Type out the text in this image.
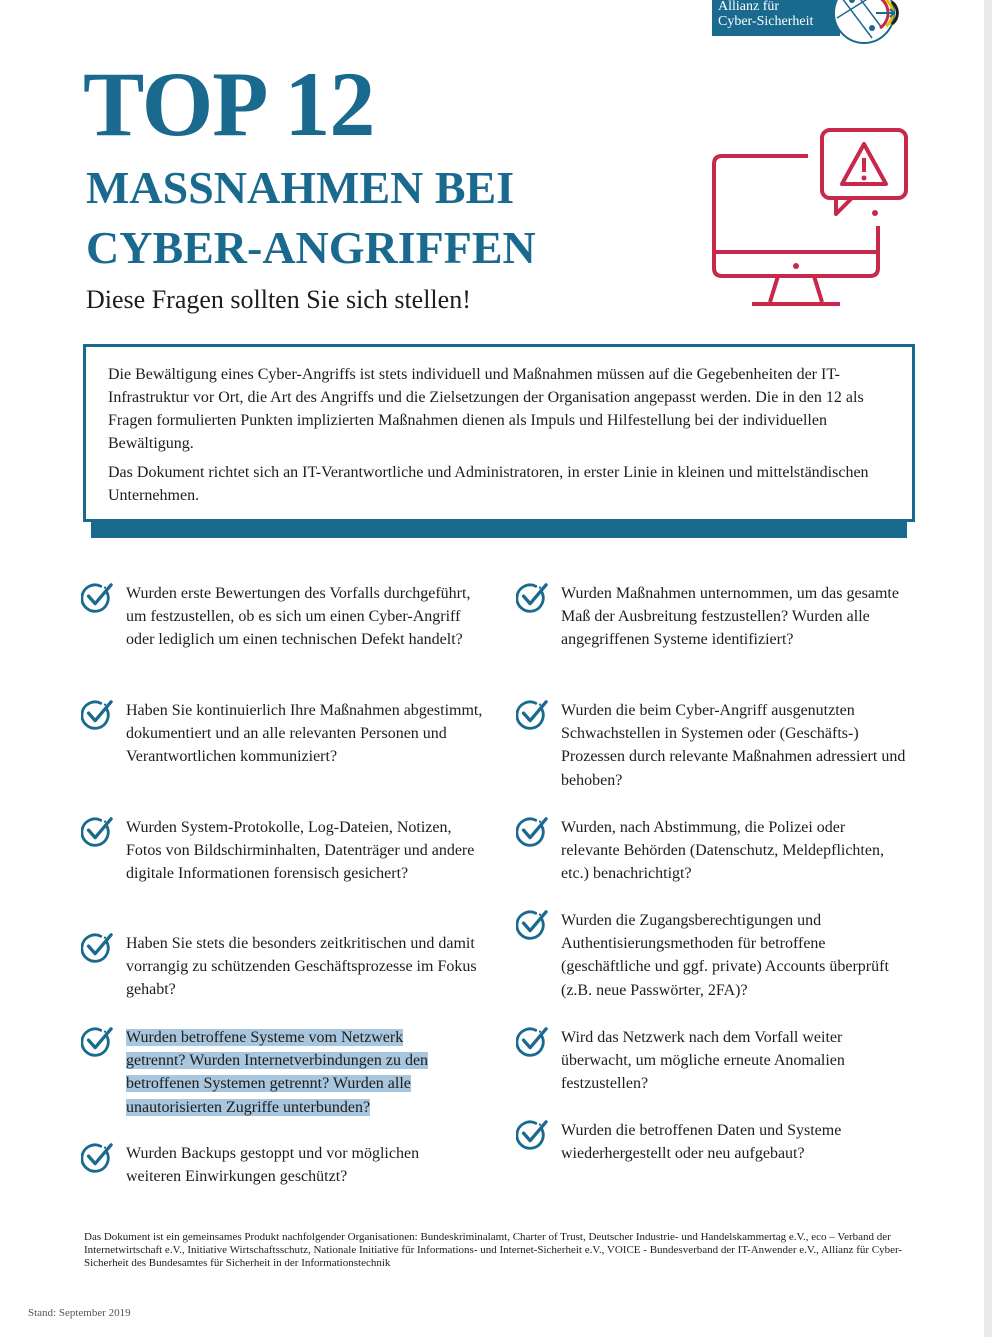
Allianz für
Cyber-Sicherheit
TOP 12
MASSNAHMEN BEI
CYBER-ANGRIFFEN
Diese Fragen sollten Sie sich stellen!

Die Bewältigung eines Cyber-Angriffs ist stets individuell und Maßnahmen müssen auf die Gegebenheiten der IT-Infrastruktur vor Ort, die Art des Angriffs und die Zielsetzungen der Organisation angepasst werden. Die in den 12 als Fragen formulierten Punkten implizierten Maßnahmen dienen als Impuls und Hilfestellung bei der individuellen Bewältigung.

Das Dokument richtet sich an IT-Verantwortliche und Administratoren, in erster Linie in kleinen und mittelständischen Unternehmen.

Wurden erste Bewertungen des Vorfalls durchgeführt, um festzustellen, ob es sich um einen Cyber-Angriff oder lediglich um einen technischen Defekt handelt?
Haben Sie kontinuierlich Ihre Maßnahmen abgestimmt, dokumentiert und an alle relevanten Personen und Verantwortlichen kommuniziert?
Wurden System-Protokolle, Log-Dateien, Notizen, Fotos von Bildschirminhalten, Datenträger und andere digitale Informationen forensisch gesichert?
Haben Sie stets die besonders zeitkritischen und damit vorrangig zu schützenden Geschäftsprozesse im Fokus gehabt?
Wurden betroffene Systeme vom Netzwerk getrennt? Wurden Internetverbindungen zu den betroffenen Systemen getrennt? Wurden alle unautorisierten Zugriffe unterbunden?
Wurden Backups gestoppt und vor möglichen weiteren Einwirkungen geschützt?
Wurden Maßnahmen unternommen, um das gesamte Maß der Ausbreitung festzustellen? Wurden alle angegriffenen Systeme identifiziert?
Wurden die beim Cyber-Angriff ausgenutzten Schwachstellen in Systemen oder (Geschäfts-) Prozessen durch relevante Maßnahmen adressiert und behoben?
Wurden, nach Abstimmung, die Polizei oder relevante Behörden (Datenschutz, Meldepflichten, etc.) benachrichtigt?
Wurden die Zugangsberechtigungen und Authentisierungsmethoden für betroffene (geschäftliche und ggf. private) Accounts überprüft (z.B. neue Passwörter, 2FA)?
Wird das Netzwerk nach dem Vorfall weiter überwacht, um mögliche erneute Anomalien festzustellen?
Wurden die betroffenen Daten und Systeme wiederhergestellt oder neu aufgebaut?
Das Dokument ist ein gemeinsames Produkt nachfolgender Organisationen: Bundeskriminalamt, Charter of Trust, Deutscher Industrie- und Handelskammertag e.V., eco – Verband der Internetwirtschaft e.V., Initiative Wirtschaftsschutz, Nationale Initiative für Informations- und Internet-Sicherheit e.V., VOICE - Bundesverband der IT-Anwender e.V., Allianz für Cyber-Sicherheit des Bundesamtes für Sicherheit in der Informationstechnik
Stand: September 2019
